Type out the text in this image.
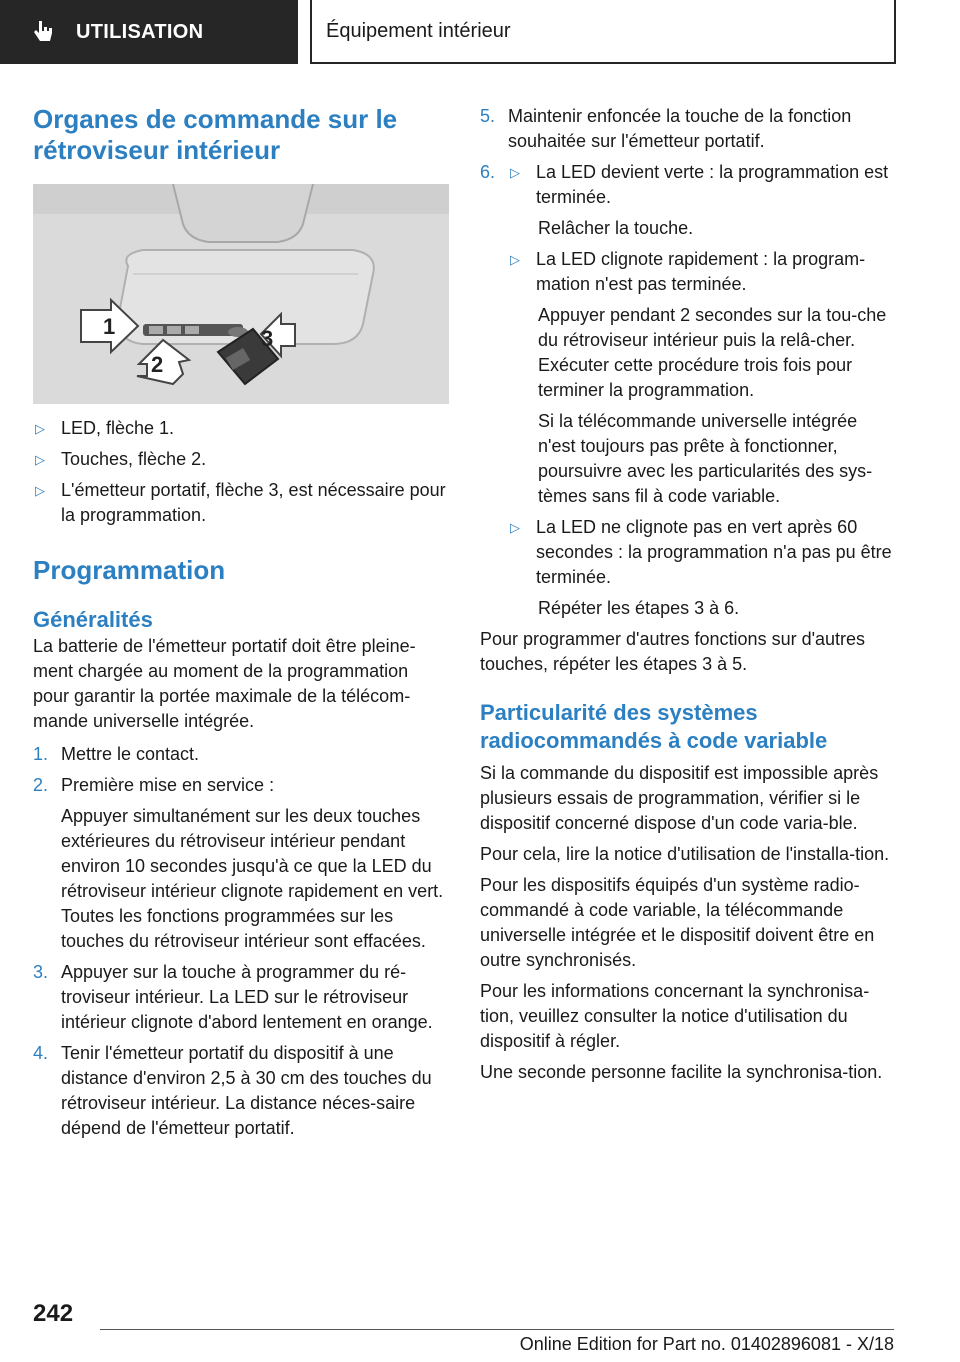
UTILISATION	Équipement intérieur
Organes de commande sur le rétroviseur intérieur
1
2
3
▷ LED, flèche 1.
▷ Touches, flèche 2.
▷ L'émetteur portatif, flèche 3, est nécessaire pour la programmation.
Programmation
Généralités

La batterie de l'émetteur portatif doit être pleine-ment chargée au moment de la programmation pour garantir la portée maximale de la télécom-mande universelle intégrée.

1. Mettre le contact.
2. Première mise en service :
Appuyer simultanément sur les deux touches extérieures du rétroviseur intérieur pendant environ 10 secondes jusqu'à ce que la LED du rétroviseur intérieur clignote rapidement en vert. Toutes les fonctions programmées sur les touches du rétroviseur intérieur sont effacées.
3. Appuyer sur la touche à programmer du ré-troviseur intérieur. La LED sur le rétroviseur intérieur clignote d'abord lentement en orange.
4. Tenir l'émetteur portatif du dispositif à une distance d'environ 2,5 à 30 cm des touches du rétroviseur intérieur. La distance néces-saire dépend de l'émetteur portatif.
5. Maintenir enfoncée la touche de la fonction souhaitée sur l'émetteur portatif.
6. ▷ La LED devient verte : la programmation est terminée.

Relâcher la touche.

▷ La LED clignote rapidement : la program-mation n'est pas terminée.

Appuyer pendant 2 secondes sur la tou-che du rétroviseur intérieur puis la relâ-cher. Exécuter cette procédure trois fois pour terminer la programmation.

Si la télécommande universelle intégrée n'est toujours pas prête à fonctionner, poursuivre avec les particularités des sys-tèmes sans fil à code variable.

▷ La LED ne clignote pas en vert après 60 secondes : la programmation n'a pas pu être terminée.

Répéter les étapes 3 à 6.

Pour programmer d'autres fonctions sur d'autres touches, répéter les étapes 3 à 5.

Particularité des systèmes radiocommandés à code variable

Si la commande du dispositif est impossible après plusieurs essais de programmation, vérifier si le dispositif concerné dispose d'un code varia-ble.

Pour cela, lire la notice d'utilisation de l'installa-tion.

Pour les dispositifs équipés d'un système radio-commandé à code variable, la télécommande universelle intégrée et le dispositif doivent être en outre synchronisés.

Pour les informations concernant la synchronisa-tion, veuillez consulter la notice d'utilisation du dispositif à régler.

Une seconde personne facilite la synchronisa-tion.

242
Online Edition for Part no. 01402896081 - X/18
